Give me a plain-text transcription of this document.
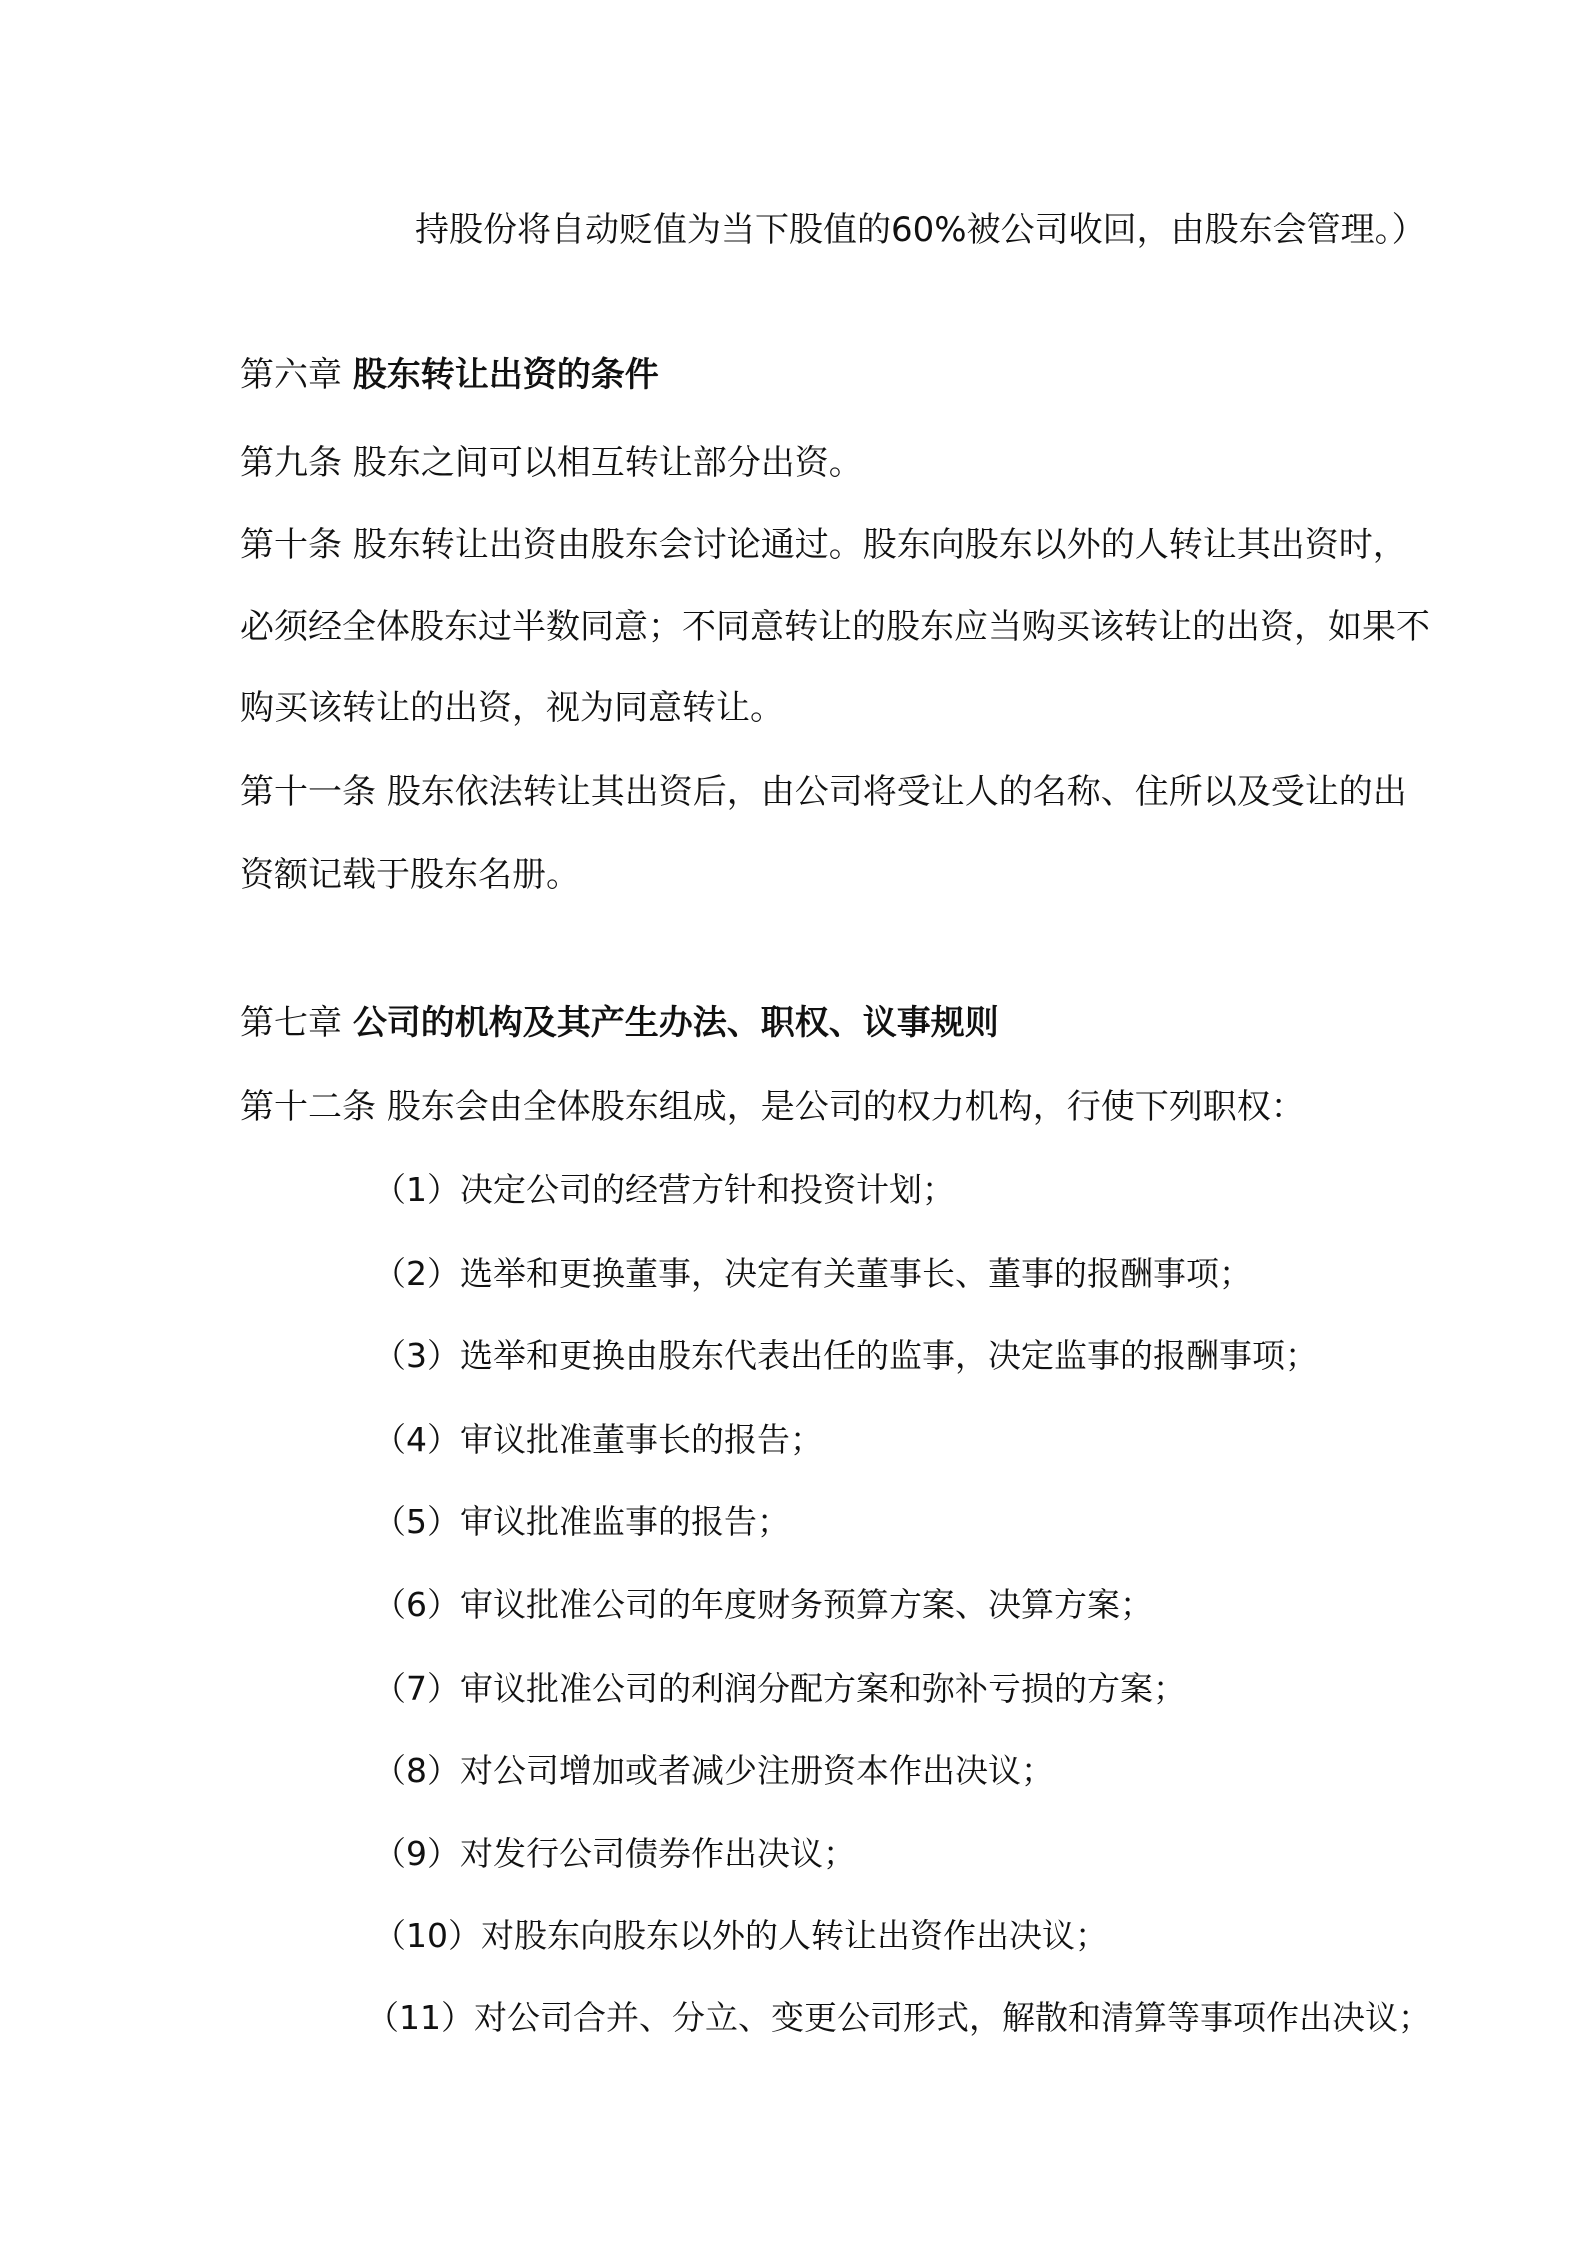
持股份将自动贬值为当下股值的60%被公司收回，由股东会管理。）
第六章 股东转让出资的条件
第九条 股东之间可以相互转让部分出资。
第十条 股东转让出资由股东会讨论通过。股东向股东以外的人转让其出资时，
必须经全体股东过半数同意；不同意转让的股东应当购买该转让的出资，如果不
购买该转让的出资，视为同意转让。
第十一条 股东依法转让其出资后，由公司将受让人的名称、住所以及受让的出
资额记载于股东名册。
第七章 公司的机构及其产生办法、职权、议事规则
第十二条 股东会由全体股东组成，是公司的权力机构，行使下列职权：
（1）决定公司的经营方针和投资计划；
（2）选举和更换董事，决定有关董事长、董事的报酬事项；
（3）选举和更换由股东代表出任的监事，决定监事的报酬事项；
（4）审议批准董事长的报告；
（5）审议批准监事的报告；
（6）审议批准公司的年度财务预算方案、决算方案；
（7）审议批准公司的利润分配方案和弥补亏损的方案；
（8）对公司增加或者减少注册资本作出决议；
（9）对发行公司债券作出决议；
（10）对股东向股东以外的人转让出资作出决议；
（11）对公司合并、分立、变更公司形式，解散和清算等事项作出决议；
